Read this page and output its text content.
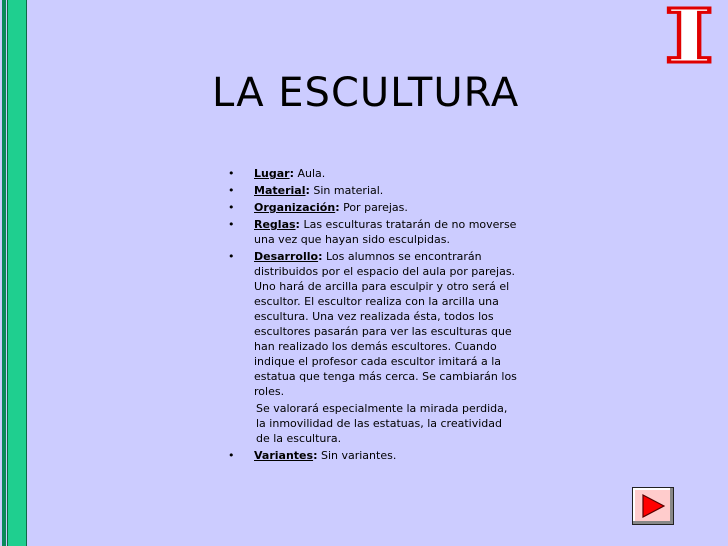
LA ESCULTURA
I
• Lugar: Aula.
• Material: Sin material.
• Organización: Por parejas.
• Reglas: Las esculturas tratarán de no moverse una vez que hayan sido esculpidas.
• Desarrollo: Los alumnos se encontrarán distribuidos por el espacio del aula por parejas. Uno hará de arcilla para esculpir y otro será el escultor. El escultor realiza con la arcilla una escultura. Una vez realizada ésta, todos los escultores pasarán para ver las esculturas que han realizado los demás escultores. Cuando indique el profesor cada escultor imitará a la estatua que tenga más cerca. Se cambiarán los roles.
Se valorará especialmente la mirada perdida, la inmovilidad de las estatuas, la creatividad de la escultura.
• Variantes: Sin variantes.
